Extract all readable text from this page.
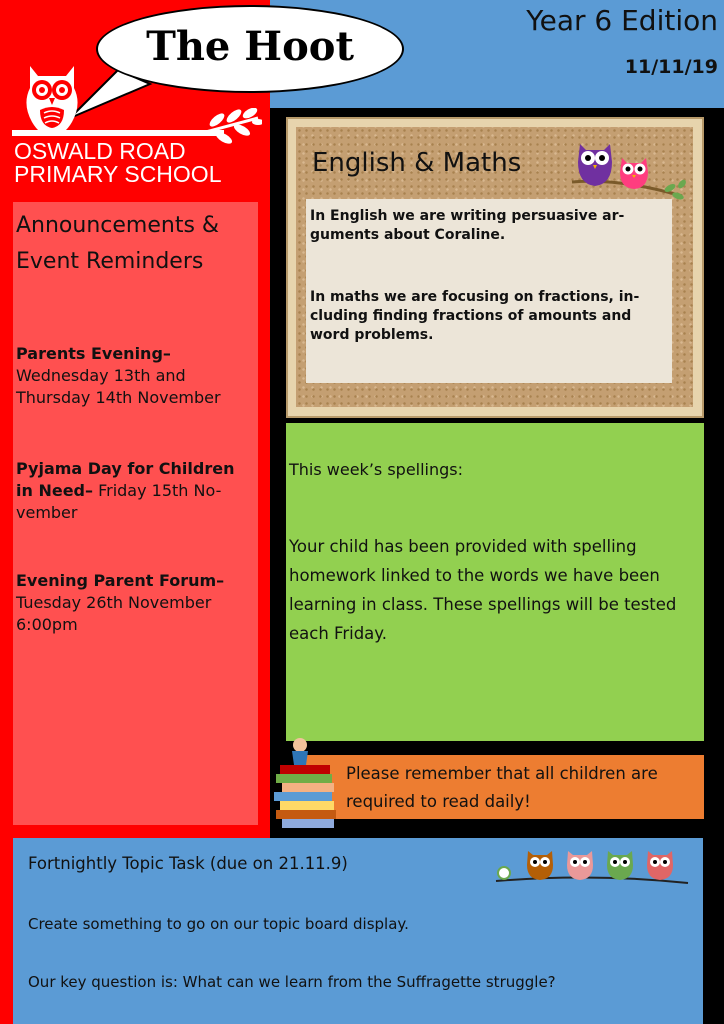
The Hoot
Year 6 Edition
11/11/19
OSWALD ROAD
PRIMARY SCHOOL
Announcements &
Event Reminders
Parents Evening–
Wednesday 13th and
Thursday 14th November
Pyjama Day for Children
in Need– Friday 15th No-
vember
Evening Parent Forum–
Tuesday 26th November
6:00pm
English & Maths
In English we are writing persuasive ar-
guments about Coraline.
In maths we are focusing on fractions, in-
cluding finding fractions of amounts and
word problems.
This week’s spellings:
Your child has been provided with spelling
homework linked to the words we have been
learning in class. These spellings will be tested
each Friday.
Please remember that all children are
required to read daily!
Fortnightly Topic Task (due on 21.11.9)
Create something to go on our topic board display.
Our key question is: What can we learn from the Suffragette struggle?
